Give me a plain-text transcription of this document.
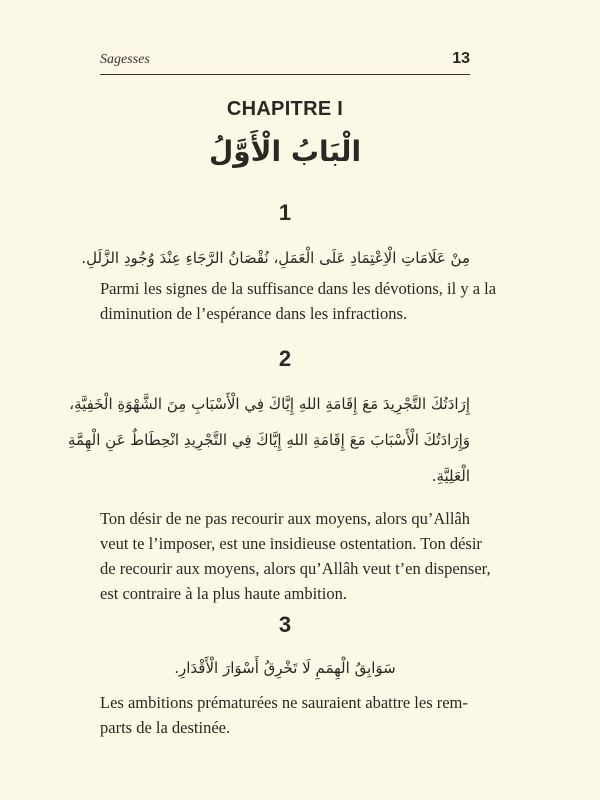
Sagesses	13
CHAPITRE I
الْبَابُ الْأَوَّلُ
1
مِنْ عَلَامَاتِ الْاِعْتِمَادِ عَلَى الْعَمَلِ، نُقْصَانُ الرَّجَاءِ عِنْدَ وُجُودِ الزَّلَلِ.
Parmi les signes de la suffisance dans les dévotions, il y a la
diminution de l’espérance dans les infractions.
2
إِرَادَتُكَ التَّجْرِيدَ مَعَ إِقَامَةِ اللهِ إِيَّاكَ فِي الْأَسْبَابِ مِنَ الشَّهْوَةِ الْخَفِيَّةِ،
وَإِرَادَتُكَ الْأَسْبَابَ مَعَ إِقَامَةِ اللهِ إِيَّاكَ فِي التَّجْرِيدِ انْحِطَاطٌ عَنِ الْهِمَّةِ
الْعَلِيَّةِ.
Ton désir de ne pas recourir aux moyens, alors qu’Allâh
veut te l’imposer, est une insidieuse ostentation. Ton désir
de recourir aux moyens, alors qu’Allâh veut t’en dispenser,
est contraire à la plus haute ambition.
3
سَوَابِقُ الْهِمَمِ لَا تَخْرِقُ أَسْوَارَ الْأَقْدَارِ.
Les ambitions prématurées ne sauraient abattre les rem-
parts de la destinée.
